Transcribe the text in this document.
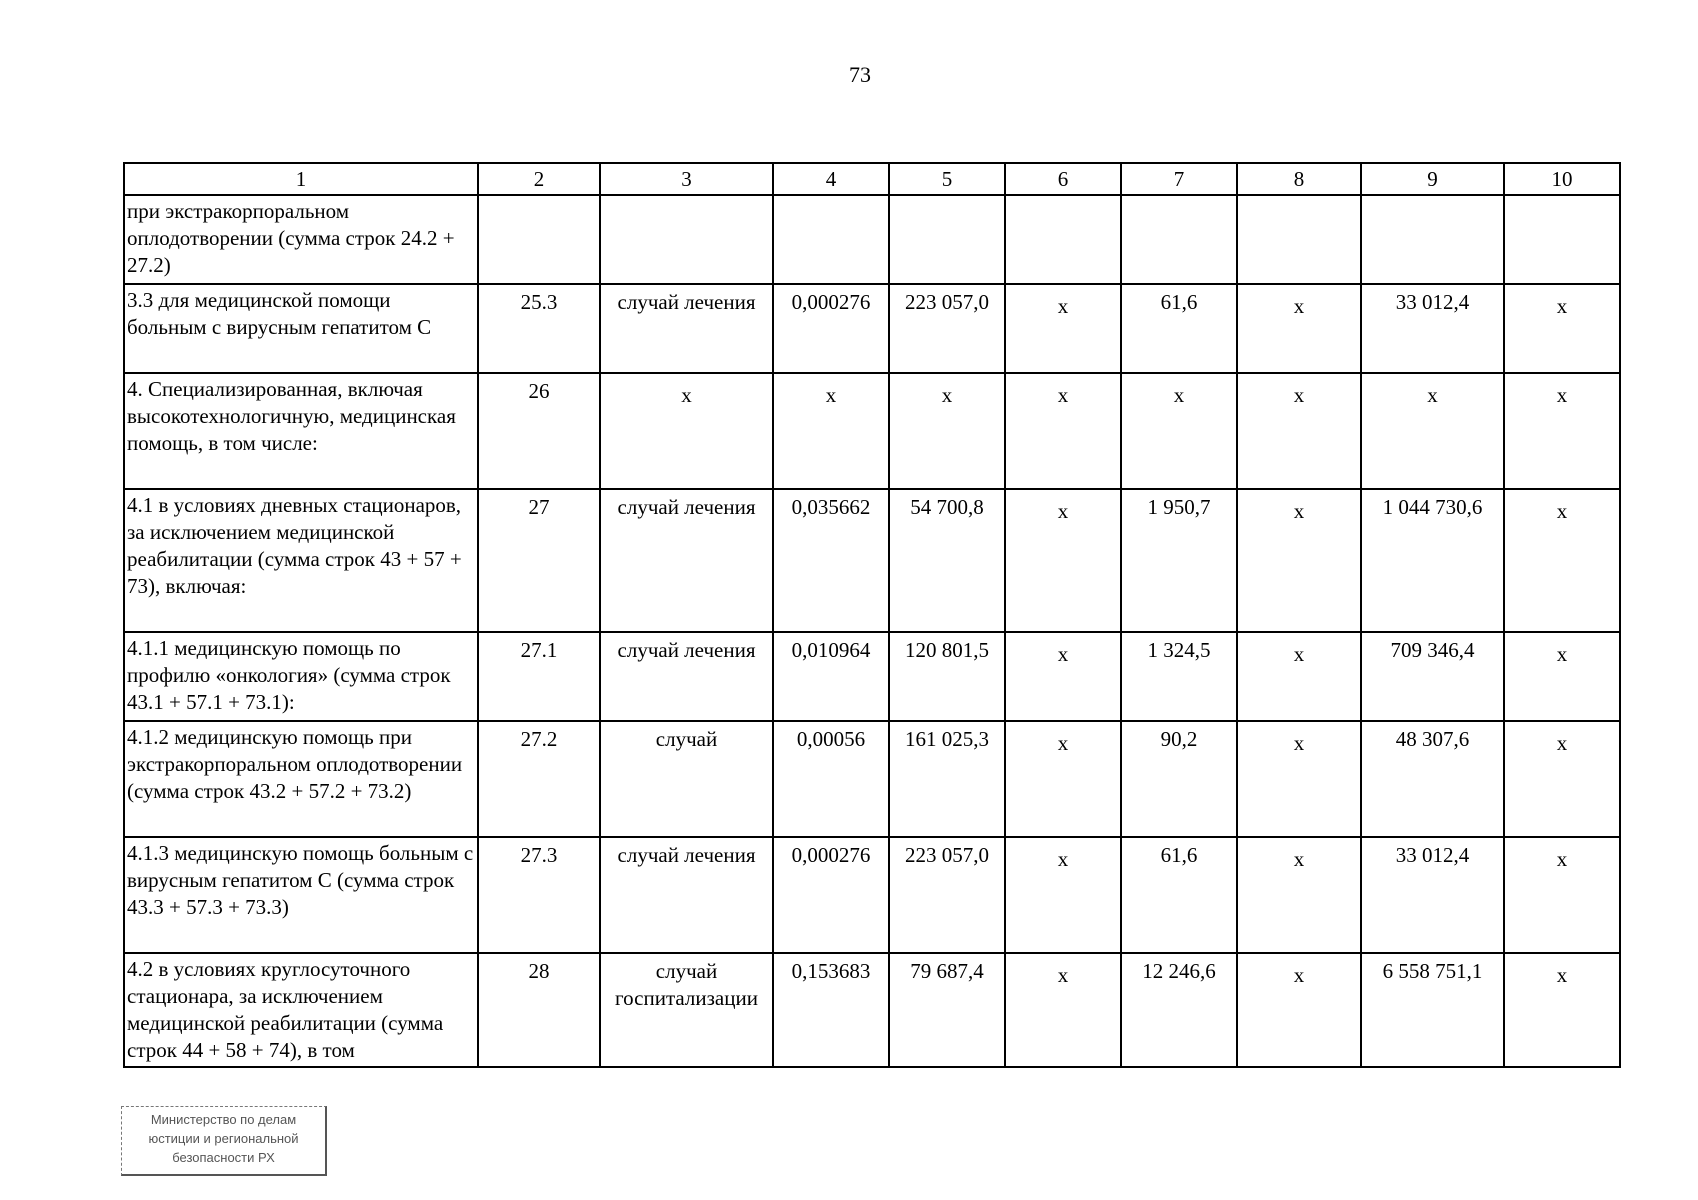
73
1	2	3	4	5	6	7	8	9	10
при экстракорпоральном оплодотворении (сумма строк 24.2 + 27.2)									
3.3 для медицинской помощи больным с вирусным гепатитом С	25.3	случай лечения	0,000276	223 057,0	х	61,6	х	33 012,4	х
4. Специализированная, включая высокотехнологичную, медицинская помощь, в том числе:	26	х	х	х	х	х	х	х	х
4.1 в условиях дневных стационаров, за исключением медицинской реабилитации (сумма строк 43 + 57 + 73), включая:	27	случай лечения	0,035662	54 700,8	х	1 950,7	х	1 044 730,6	х
4.1.1 медицинскую помощь по профилю «онкология» (сумма строк 43.1 + 57.1 + 73.1):	27.1	случай лечения	0,010964	120 801,5	х	1 324,5	х	709 346,4	х
4.1.2 медицинскую помощь при экстракорпоральном оплодотворении (сумма строк 43.2 + 57.2 + 73.2)	27.2	случай	0,00056	161 025,3	х	90,2	х	48 307,6	х
4.1.3 медицинскую помощь больным с вирусным гепатитом С (сумма строк 43.3 + 57.3 + 73.3)	27.3	случай лечения	0,000276	223 057,0	х	61,6	х	33 012,4	х
4.2 в условиях круглосуточного стационара, за исключением медицинской реабилитации (сумма строк 44 + 58 + 74), в том	28	случай госпитализации	0,153683	79 687,4	х	12 246,6	х	6 558 751,1	х
Министерство по делам
юстиции и региональной
безопасности РХ
